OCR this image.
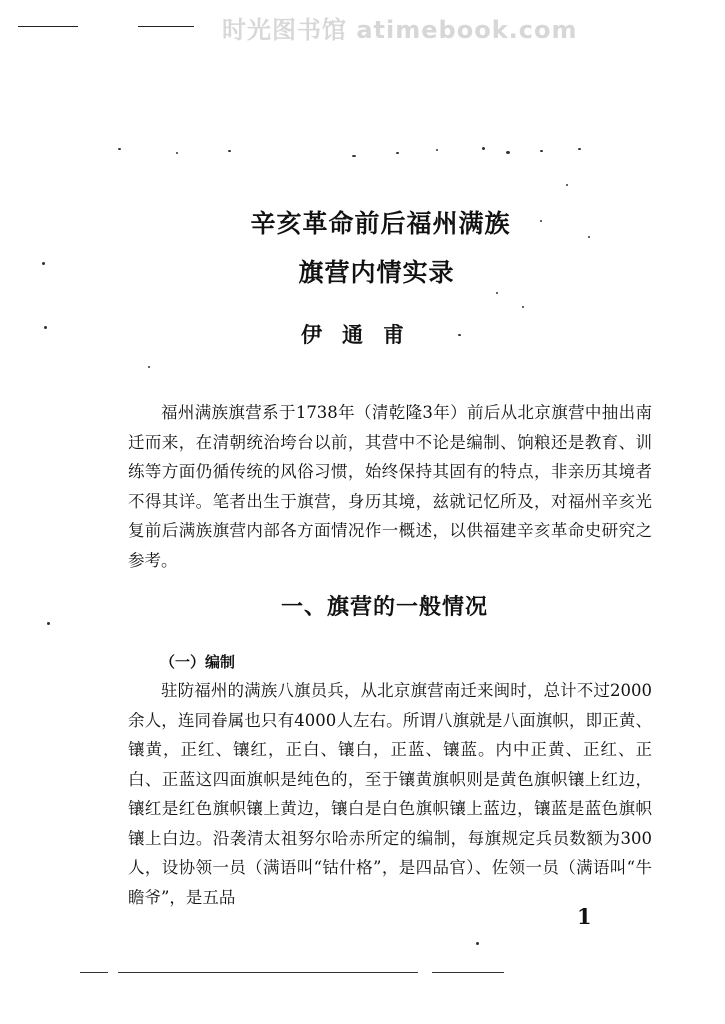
时光图书馆 atimebook.com
辛亥革命前后福州满族
旗营内情实录
伊通甫

福州满族旗营系于1738年（清乾隆3年）前后从北京旗营中抽出南迁而来，在清朝统治垮台以前，其营中不论是编制、饷粮还是教育、训练等方面仍循传统的风俗习惯，始终保持其固有的特点，非亲历其境者不得其详。笔者出生于旗营，身历其境，兹就记忆所及，对福州辛亥光复前后满族旗营内部各方面情况作一概述，以供福建辛亥革命史研究之参考。

一、旗营的一般情况
（一）编制

驻防福州的满族八旗员兵，从北京旗营南迁来闽时，总计不过2000余人，连同眷属也只有4000人左右。所谓八旗就是八面旗帜，即正黄、镶黄，正红、镶红，正白、镶白，正蓝、镶蓝。内中正黄、正红、正白、正蓝这四面旗帜是纯色的，至于镶黄旗帜则是黄色旗帜镶上红边，镶红是红色旗帜镶上黄边，镶白是白色旗帜镶上蓝边，镶蓝是蓝色旗帜镶上白边。沿袭清太祖努尔哈赤所定的编制，每旗规定兵员数额为300人，设协领一员（满语叫“钴什格”，是四品官）、佐领一员（满语叫“牛瞻爷”，是五品

1
